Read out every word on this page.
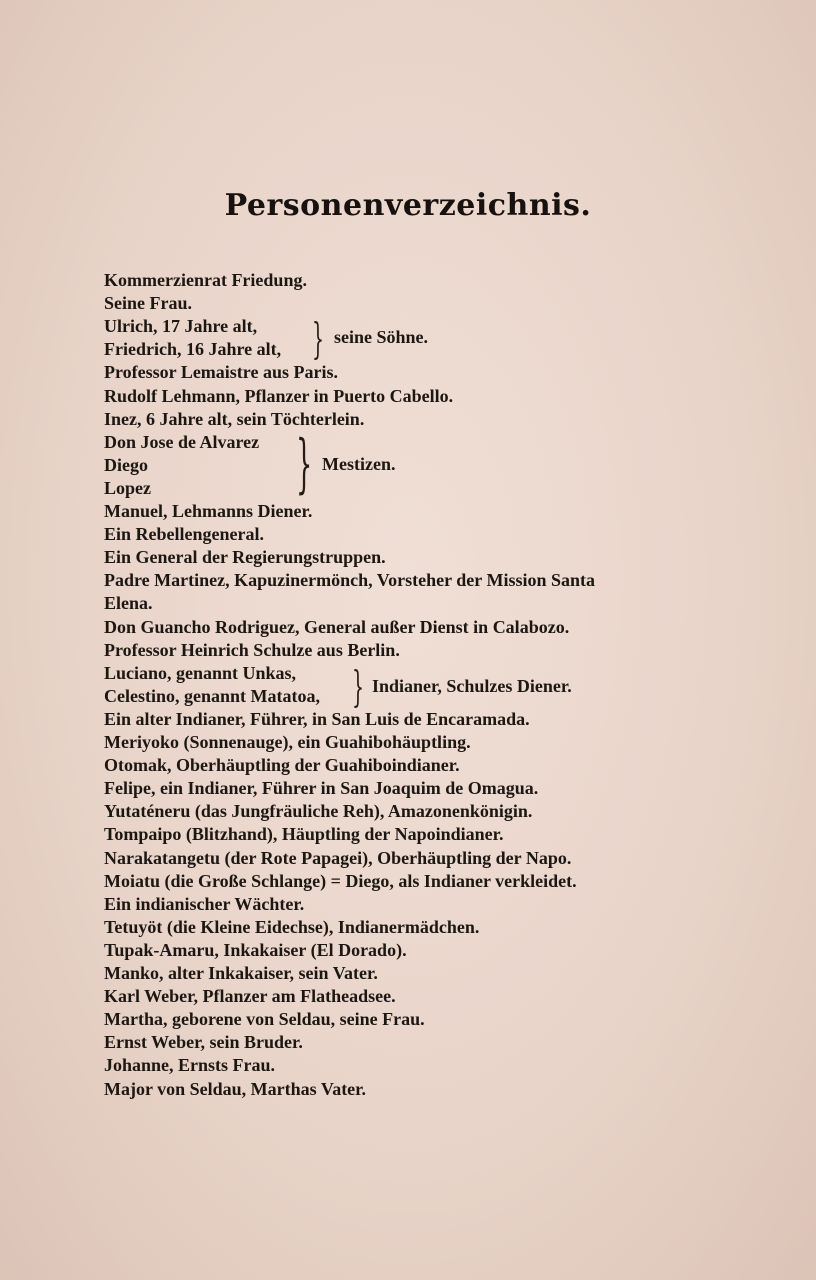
Personenverzeichnis.
Kommerzienrat Friedung.
Seine Frau.
Ulrich, 17 Jahre alt,
Friedrich, 16 Jahre alt,
Professor Lemaistre aus Paris.
Rudolf Lehmann, Pflanzer in Puerto Cabello.
Inez, 6 Jahre alt, sein Töchterlein.
Don Jose de Alvarez
Diego
Lopez
Manuel, Lehmanns Diener.
Ein Rebellengeneral.
Ein General der Regierungstruppen.
Padre Martinez, Kapuzinermönch, Vorsteher der Mission Santa
Elena.
Don Guancho Rodriguez, General außer Dienst in Calabozo.
Professor Heinrich Schulze aus Berlin.
Luciano, genannt Unkas,
Celestino, genannt Matatoa,
Ein alter Indianer, Führer, in San Luis de Encaramada.
Meriyoko (Sonnenauge), ein Guahibohäuptling.
Otomak, Oberhäuptling der Guahiboindianer.
Felipe, ein Indianer, Führer in San Joaquim de Omagua.
Yutaténeru (das Jungfräuliche Reh), Amazonenkönigin.
Tompaipo (Blitzhand), Häuptling der Napoindianer.
Narakatangetu (der Rote Papagei), Oberhäuptling der Napo.
Moiatu (die Große Schlange) = Diego, als Indianer verkleidet.
Ein indianischer Wächter.
Tetuyöt (die Kleine Eidechse), Indianermädchen.
Tupak-Amaru, Inkakaiser (El Dorado).
Manko, alter Inkakaiser, sein Vater.
Karl Weber, Pflanzer am Flatheadsee.
Martha, geborene von Seldau, seine Frau.
Ernst Weber, sein Bruder.
Johanne, Ernsts Frau.
Major von Seldau, Marthas Vater.
} seine Söhne.
} Mestizen.
} Indianer, Schulzes Diener.
